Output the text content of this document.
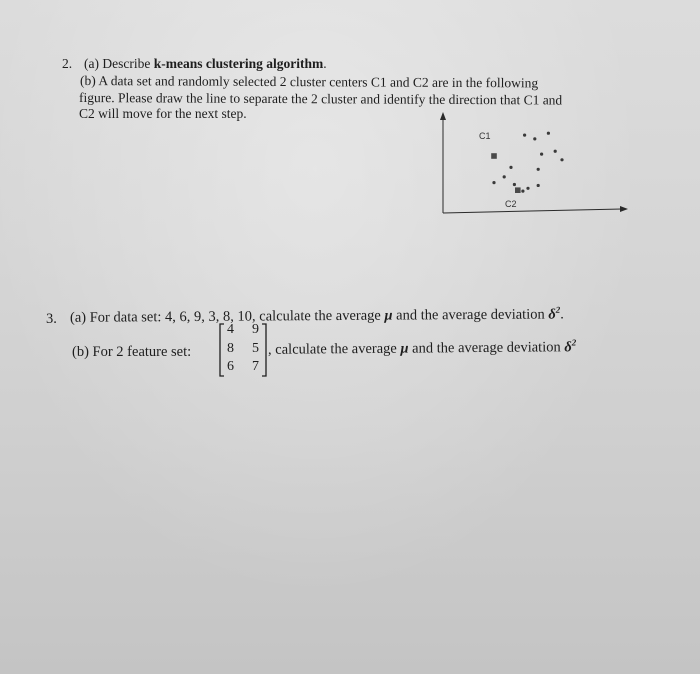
2. (a) Describe k-means clustering algorithm.
(b) A data set and randomly selected 2 cluster centers C1 and C2 are in the following
figure. Please draw the line to separate the 2 cluster and identify the direction that C1 and
C2 will move for the next step.
C1
C2
3. (a) For data set: 4, 6, 9, 3, 8, 10, calculate the average μ and the average deviation $\delta^2$.
(b) For 2 feature set:
4 9
8 5
6 7
, calculate the average μ and the average deviation $\delta^2$
